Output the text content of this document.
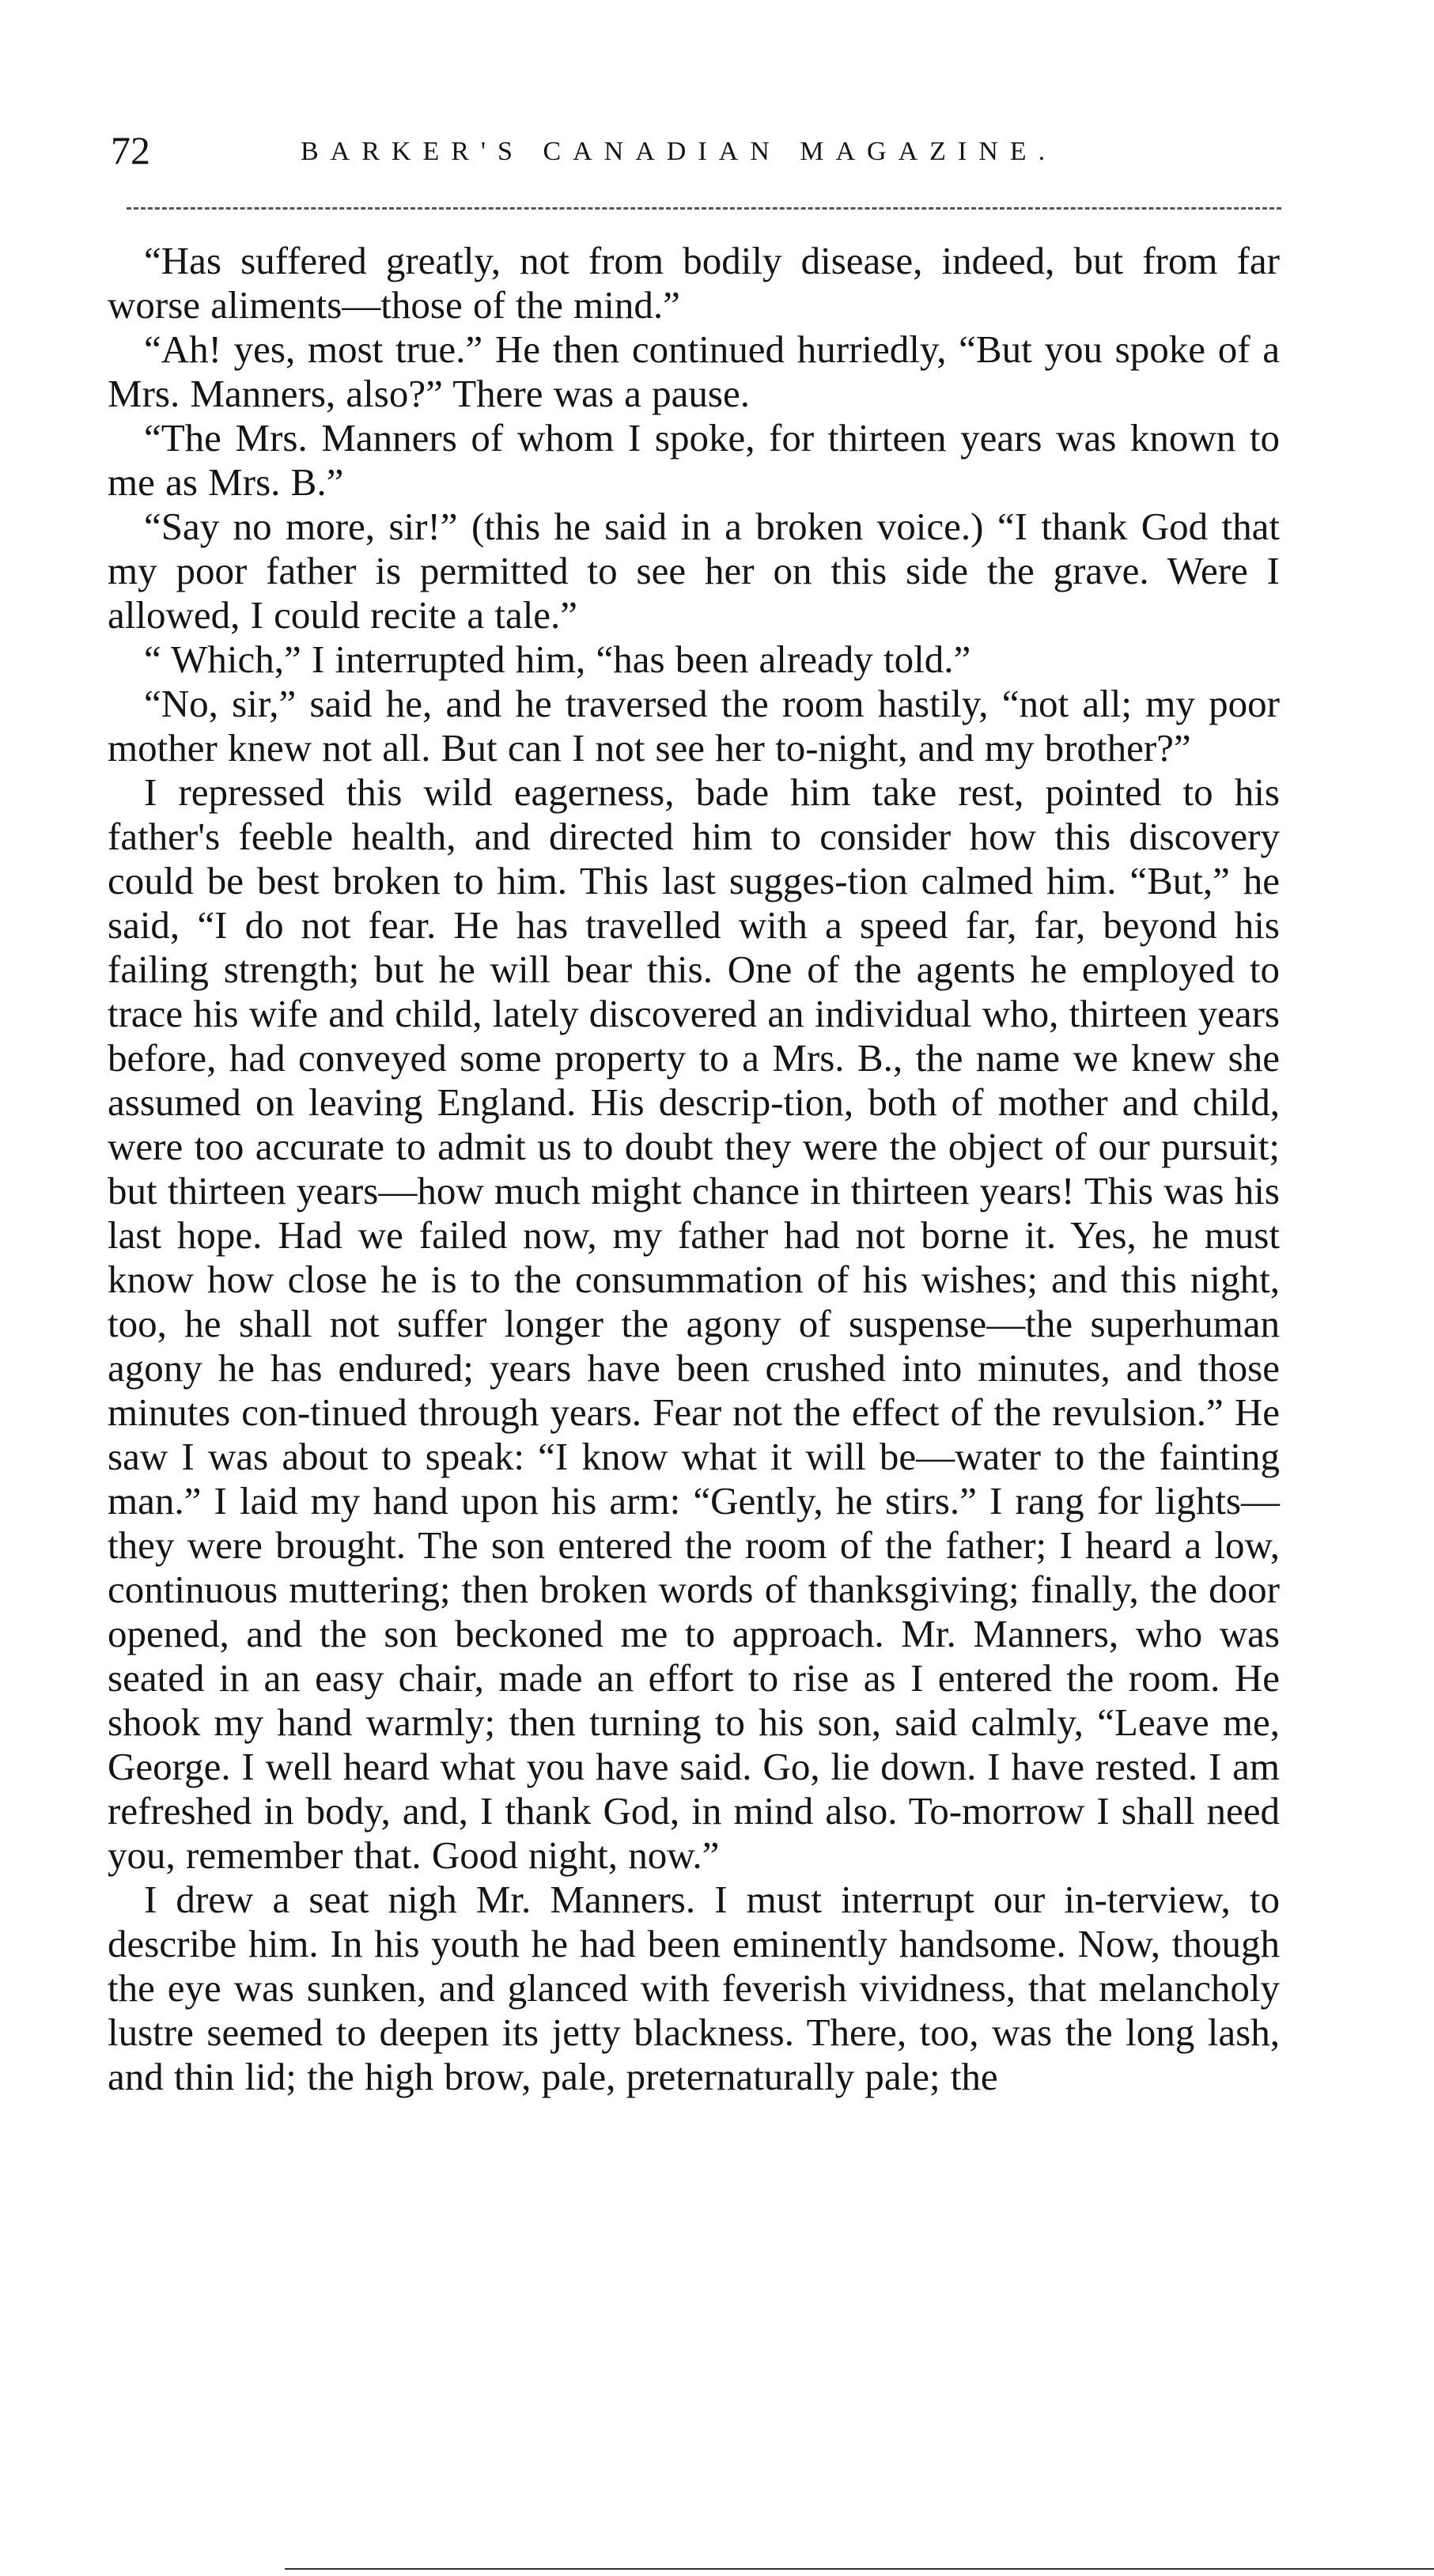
72	BARKER'S CANADIAN MAGAZINE.

“Has suffered greatly, not from bodily disease, indeed, but from far worse aliments—those of the mind.”

“Ah! yes, most true.” He then continued hurriedly, “But you spoke of a Mrs. Manners, also?” There was a pause.

“The Mrs. Manners of whom I spoke, for thirteen years was known to me as Mrs. B.”

“Say no more, sir!” (this he said in a broken voice.) “I thank God that my poor father is permitted to see her on this side the grave. Were I allowed, I could recite a tale.”

“ Which,” I interrupted him, “has been already told.”

“No, sir,” said he, and he traversed the room hastily, “not all; my poor mother knew not all. But can I not see her to-night, and my brother?”

I repressed this wild eagerness, bade him take rest, pointed to his father's feeble health, and directed him to consider how this discovery could be best broken to him. This last sugges-tion calmed him. “But,” he said, “I do not fear. He has travelled with a speed far, far, beyond his failing strength; but he will bear this. One of the agents he employed to trace his wife and child, lately discovered an individual who, thirteen years before, had conveyed some property to a Mrs. B., the name we knew she assumed on leaving England. His descrip-tion, both of mother and child, were too accurate to admit us to doubt they were the object of our pursuit; but thirteen years—how much might chance in thirteen years! This was his last hope. Had we failed now, my father had not borne it. Yes, he must know how close he is to the consummation of his wishes; and this night, too, he shall not suffer longer the agony of suspense—the superhuman agony he has endured; years have been crushed into minutes, and those minutes con-tinued through years. Fear not the effect of the revulsion.” He saw I was about to speak: “I know what it will be—water to the fainting man.” I laid my hand upon his arm: “Gently, he stirs.” I rang for lights—they were brought. The son entered the room of the father; I heard a low, continuous muttering; then broken words of thanksgiving; finally, the door opened, and the son beckoned me to approach. Mr. Manners, who was seated in an easy chair, made an effort to rise as I entered the room. He shook my hand warmly; then turning to his son, said calmly, “Leave me, George. I well heard what you have said. Go, lie down. I have rested. I am refreshed in body, and, I thank God, in mind also. To-morrow I shall need you, remember that. Good night, now.”

I drew a seat nigh Mr. Manners. I must interrupt our in-terview, to describe him. In his youth he had been eminently handsome. Now, though the eye was sunken, and glanced with feverish vividness, that melancholy lustre seemed to deepen its jetty blackness. There, too, was the long lash, and thin lid; the high brow, pale, preternaturally pale; the
